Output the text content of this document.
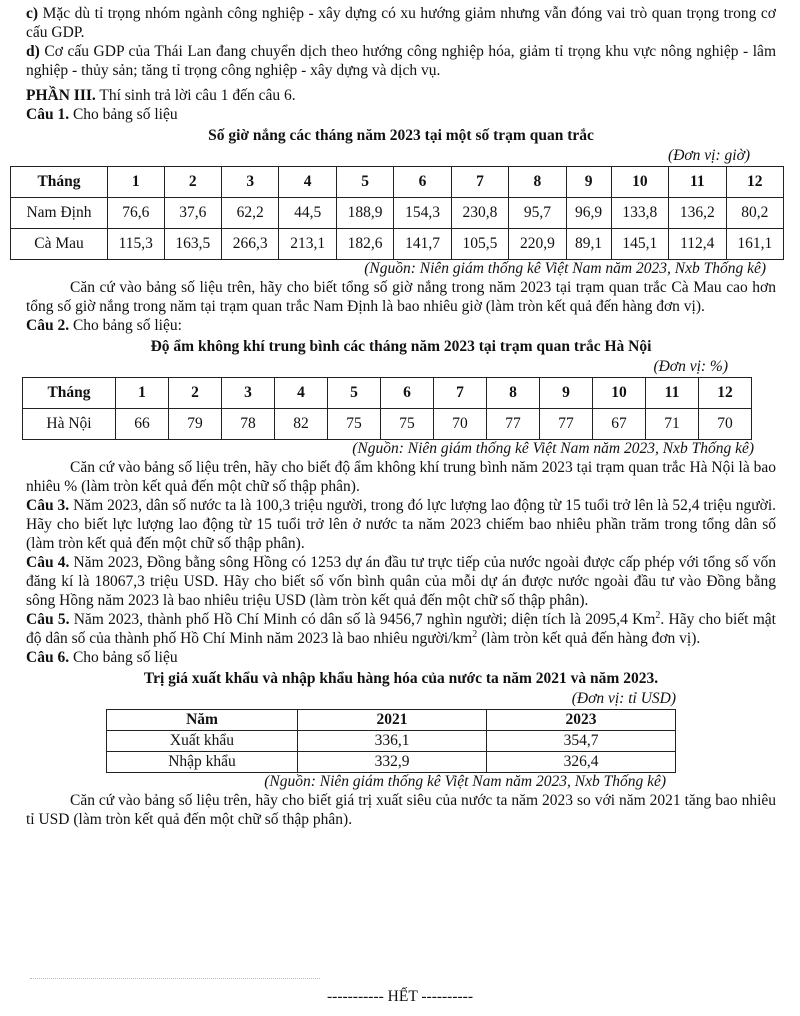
c) Mặc dù tỉ trọng nhóm ngành công nghiệp - xây dựng có xu hướng giảm nhưng vẫn đóng vai trò quan trọng trong cơ cấu GDP.

d) Cơ cấu GDP của Thái Lan đang chuyển dịch theo hướng công nghiệp hóa, giảm tỉ trọng khu vực nông nghiệp - lâm nghiệp - thủy sản; tăng tỉ trọng công nghiệp - xây dựng và dịch vụ.

PHẦN III. Thí sinh trả lời câu 1 đến câu 6.

Câu 1. Cho bảng số liệu

Số giờ nắng các tháng năm 2023 tại một số trạm quan trắc

(Đơn vị: giờ)

Tháng	1	2	3	4	5	6	7	8	9	10	11	12
Nam Định	76,6	37,6	62,2	44,5	188,9	154,3	230,8	95,7	96,9	133,8	136,2	80,2
Cà Mau	115,3	163,5	266,3	213,1	182,6	141,7	105,5	220,9	89,1	145,1	112,4	161,1

(Nguồn: Niên giám thống kê Việt Nam năm 2023, Nxb Thống kê)

Căn cứ vào bảng số liệu trên, hãy cho biết tổng số giờ nắng trong năm 2023 tại trạm quan trắc Cà Mau cao hơn tổng số giờ nắng trong năm tại trạm quan trắc Nam Định là bao nhiêu giờ (làm tròn kết quả đến hàng đơn vị).

Câu 2. Cho bảng số liệu:

Độ ẩm không khí trung bình các tháng năm 2023 tại trạm quan trắc Hà Nội

(Đơn vị: %)

Tháng	1	2	3	4	5	6	7	8	9	10	11	12
Hà Nội	66	79	78	82	75	75	70	77	77	67	71	70

(Nguồn: Niên giám thống kê Việt Nam năm 2023, Nxb Thống kê)

Căn cứ vào bảng số liệu trên, hãy cho biết độ ẩm không khí trung bình năm 2023 tại trạm quan trắc Hà Nội là bao nhiêu % (làm tròn kết quả đến một chữ số thập phân).

Câu 3. Năm 2023, dân số nước ta là 100,3 triệu người, trong đó lực lượng lao động từ 15 tuổi trở lên là 52,4 triệu người. Hãy cho biết lực lượng lao động từ 15 tuổi trở lên ở nước ta năm 2023 chiếm bao nhiêu phần trăm trong tổng dân số (làm tròn kết quả đến một chữ số thập phân).

Câu 4. Năm 2023, Đồng bằng sông Hồng có 1253 dự án đầu tư trực tiếp của nước ngoài được cấp phép với tổng số vốn đăng kí là 18067,3 triệu USD. Hãy cho biết số vốn bình quân của mỗi dự án được nước ngoài đầu tư vào Đồng bằng sông Hồng năm 2023 là bao nhiêu triệu USD (làm tròn kết quả đến một chữ số thập phân).

Câu 5. Năm 2023, thành phố Hồ Chí Minh có dân số là 9456,7 nghìn người; diện tích là 2095,4 Km$^2$. Hãy cho biết mật độ dân số của thành phố Hồ Chí Minh năm 2023 là bao nhiêu người/$km^2$ (làm tròn kết quả đến hàng đơn vị).

Câu 6. Cho bảng số liệu

Trị giá xuất khẩu và nhập khẩu hàng hóa của nước ta năm 2021 và năm 2023.

(Đơn vị: tỉ USD)

Năm	2021	2023
Xuất khẩu	336,1	354,7
Nhập khẩu	332,9	326,4

(Nguồn: Niên giám thống kê Việt Nam năm 2023, Nxb Thống kê)

Căn cứ vào bảng số liệu trên, hãy cho biết giá trị xuất siêu của nước ta năm 2023 so với năm 2021 tăng bao nhiêu tỉ USD (làm tròn kết quả đến một chữ số thập phân).

----------- HẾT ----------
